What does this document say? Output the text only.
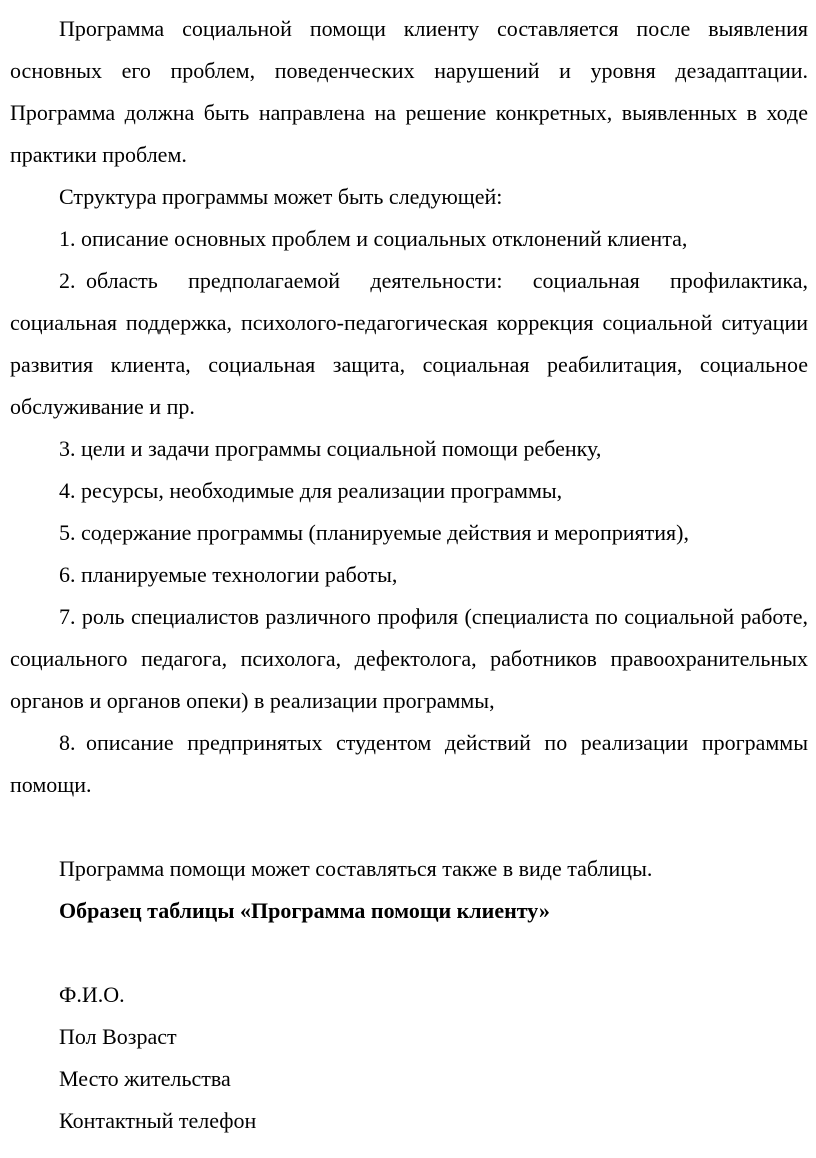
Программа социальной помощи клиенту составляется после выявления основных его проблем, поведенческих нарушений и уровня дезадаптации. Программа должна быть направлена на решение конкретных, выявленных в ходе практики проблем.

Структура программы может быть следующей:

1. описание основных проблем и социальных отклонений клиента,

2. область предполагаемой деятельности: социальная профилактика, социальная поддержка, психолого-педагогическая коррекция социальной ситуации развития клиента, социальная защита, социальная реабилитация, социальное обслуживание и пр.

3. цели и задачи программы социальной помощи ребенку,

4. ресурсы, необходимые для реализации программы,

5. содержание программы (планируемые действия и мероприятия),

6. планируемые технологии работы,

7. роль специалистов различного профиля (специалиста по социальной работе, социального педагога, психолога, дефектолога, работников правоохранительных органов и органов опеки) в реализации программы,

8. описание предпринятых студентом действий по реализации программы помощи.

Программа помощи может составляться также в виде таблицы.

Образец таблицы «Программа помощи клиенту»

Ф.И.О.

Пол Возраст

Место жительства

Контактный телефон
